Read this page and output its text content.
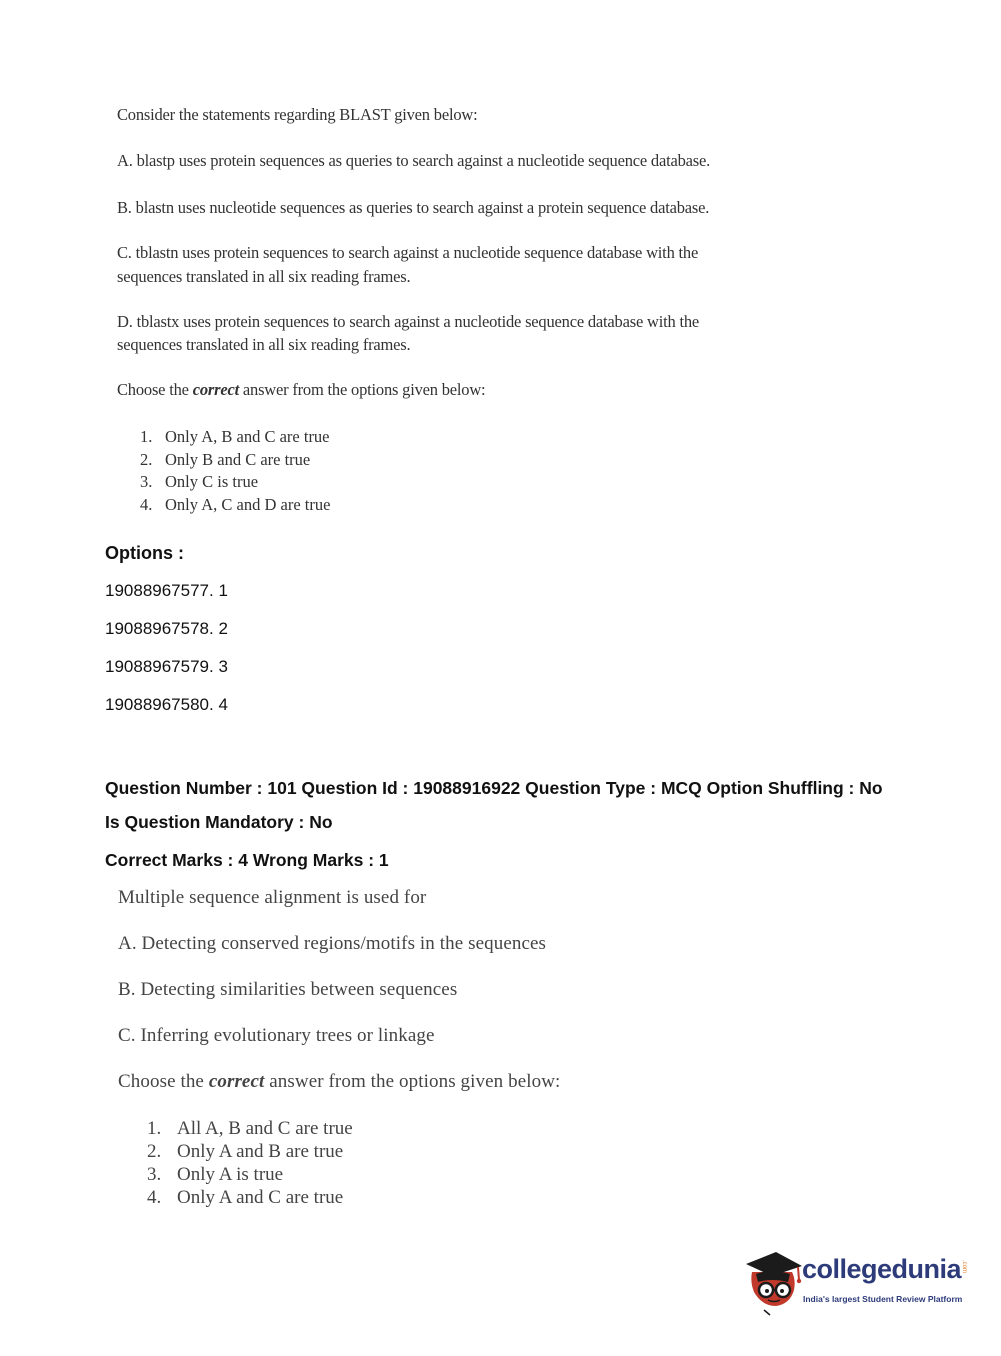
Consider the statements regarding BLAST given below:
A. blastp uses protein sequences as queries to search against a nucleotide sequence database.
B. blastn uses nucleotide sequences as queries to search against a protein sequence database.
C. tblastn uses protein sequences to search against a nucleotide sequence database with the
sequences translated in all six reading frames.
D. tblastx uses protein sequences to search against a nucleotide sequence database with the
sequences translated in all six reading frames.
Choose the correct answer from the options given below:
1. Only A, B and C are true
2. Only B and C are true
3. Only C is true
4. Only A, C and D are true
Options :
19088967577. 1
19088967578. 2
19088967579. 3
19088967580. 4
Question Number : 101 Question Id : 19088916922 Question Type : MCQ Option Shuffling : No
Is Question Mandatory : No
Correct Marks : 4 Wrong Marks : 1
Multiple sequence alignment is used for
A. Detecting conserved regions/motifs in the sequences
B. Detecting similarities between sequences
C. Inferring evolutionary trees or linkage
Choose the correct answer from the options given below:
1. All A, B and C are true
2. Only A and B are true
3. Only A is true
4. Only A and C are true
collegedunia .com
India's largest Student Review Platform
